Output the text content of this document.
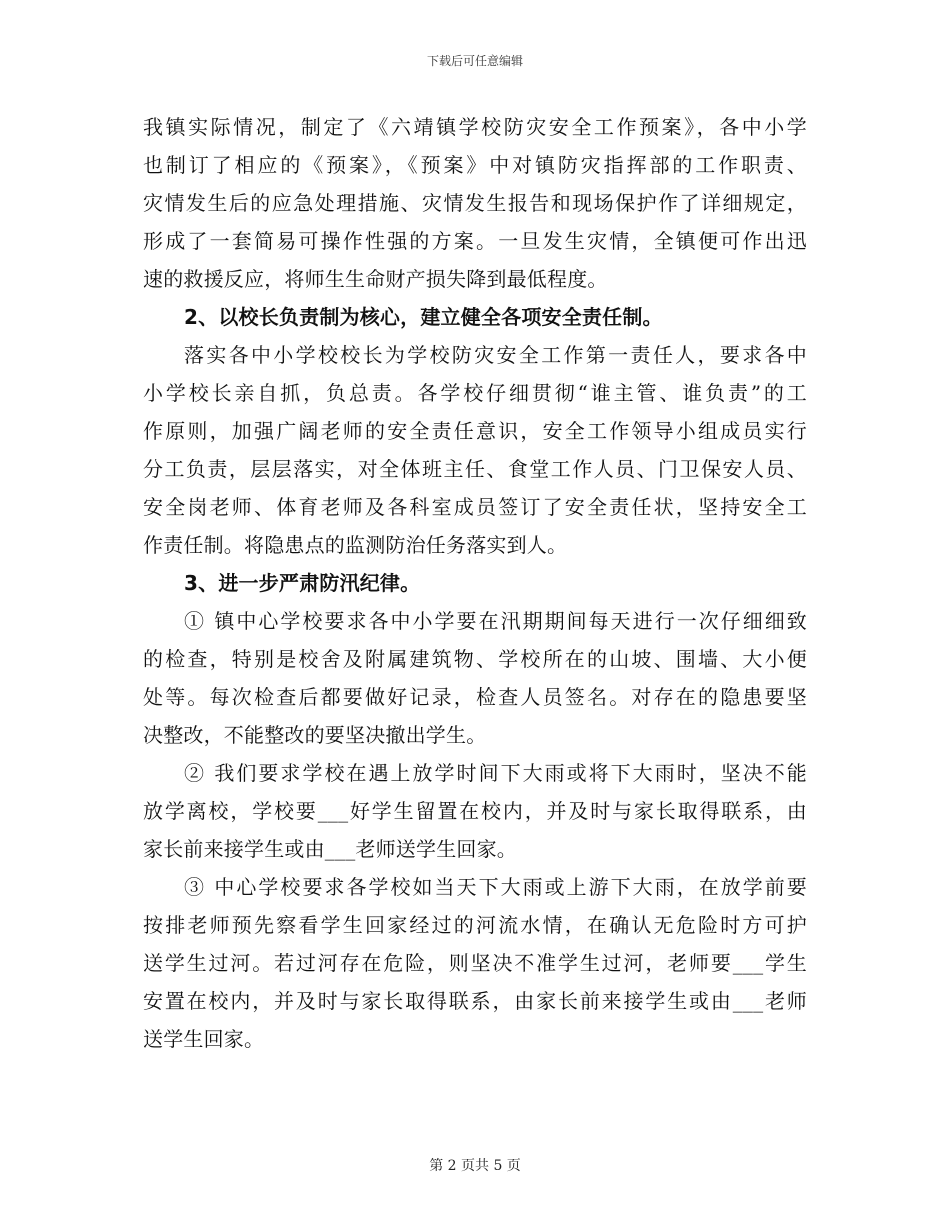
下载后可任意编辑
我镇实际情况，制定了《六靖镇学校防灾安全工作预案》，各中小学
也制订了相应的《预案》，《预案》中对镇防灾指挥部的工作职责、
灾情发生后的应急处理措施、灾情发生报告和现场保护作了详细规定，
形成了一套简易可操作性强的方案。一旦发生灾情，全镇便可作出迅
速的救援反应，将师生生命财产损失降到最低程度。
2、以校长负责制为核心，建立健全各项安全责任制。
落实各中小学校校长为学校防灾安全工作第一责任人，要求各中
小学校长亲自抓，负总责。各学校仔细贯彻“谁主管、谁负责”的工
作原则，加强广阔老师的安全责任意识，安全工作领导小组成员实行
分工负责，层层落实，对全体班主任、食堂工作人员、门卫保安人员、
安全岗老师、体育老师及各科室成员签订了安全责任状，坚持安全工
作责任制。将隐患点的监测防治任务落实到人。
3、进一步严肃防汛纪律。
① 镇中心学校要求各中小学要在汛期期间每天进行一次仔细细致
的检查，特别是校舍及附属建筑物、学校所在的山坡、围墙、大小便
处等。每次检查后都要做好记录，检查人员签名。对存在的隐患要坚
决整改，不能整改的要坚决撤出学生。
② 我们要求学校在遇上放学时间下大雨或将下大雨时，坚决不能
放学离校，学校要___好学生留置在校内，并及时与家长取得联系，由
家长前来接学生或由___老师送学生回家。
③ 中心学校要求各学校如当天下大雨或上游下大雨，在放学前要
按排老师预先察看学生回家经过的河流水情，在确认无危险时方可护
送学生过河。若过河存在危险，则坚决不准学生过河，老师要___学生
安置在校内，并及时与家长取得联系，由家长前来接学生或由___老师
送学生回家。
第 2 页共 5 页
